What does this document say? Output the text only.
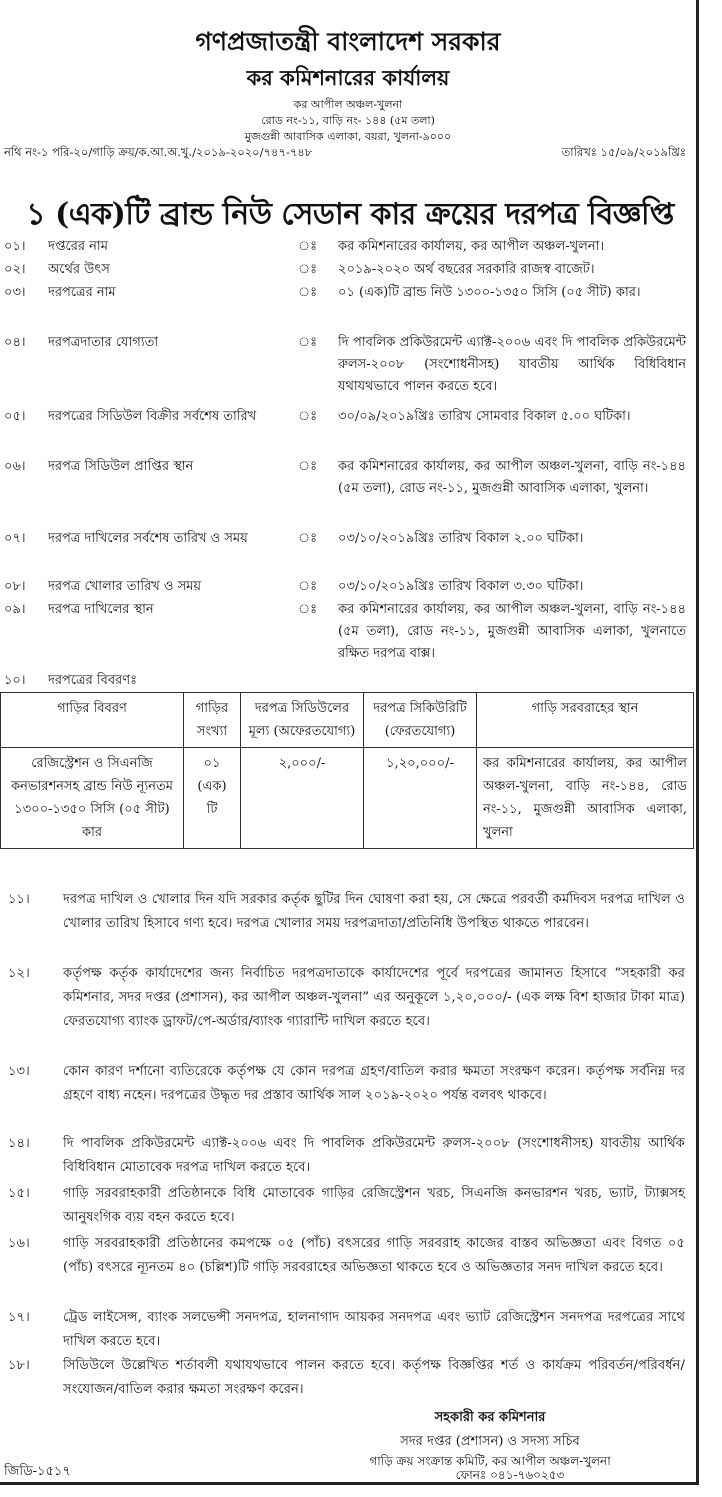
গণপ্রজাতন্ত্রী বাংলাদেশ সরকার
কর কমিশনারের কার্যালয়
কর আপীল অঞ্চল-খুলনা
রোড নং-১১, বাড়ি নং- ১৪৪ (৫ম তলা)
মুজগুন্নী আবাসিক এলাকা, বয়রা, খুলনা-৯০০০
নথি নং-১ পরি-২০/গাড়ি ক্রয়/ক.আ.অ.খু./২০১৯-২০২০/৭৪৭-৭৪৮	তারিখঃ ১৫/০৯/২০১৯খ্রিঃ
১ (এক)টি ব্রান্ড নিউ সেডান কার ক্রয়ের দরপত্র বিজ্ঞপ্তি
০১।	দপ্তরের নাম	ঃ কর কমিশনারের কার্যালয়, কর আপীল অঞ্চল-খুলনা।
০২।	অর্থের উৎস	ঃ ২০১৯-২০২০ অর্থ বছরের সরকারি রাজস্ব বাজেট।
০৩।	দরপত্রের নাম	ঃ ০১ (এক)টি ব্রান্ড নিউ ১৩০০-১৩৫০ সিসি (০৫ সীট) কার।
০৪।	দরপত্রদাতার যোগ্যতা	ঃ দি পাবলিক প্রকিউরমেন্ট এ্যাক্ট-২০০৬ এবং দি পাবলিক প্রকিউরমেন্ট রুলস-২০০৮ (সংশোধনীসহ) যাবতীয় আর্থিক বিধিবিধান যথাযথভাবে পালন করতে হবে।
০৫।	দরপত্রের সিডিউল বিক্রীর সর্বশেষ তারিখ	ঃ ৩০/০৯/২০১৯খ্রিঃ তারিখ সোমবার বিকাল ৫.০০ ঘটিকা।
০৬।	দরপত্র সিডিউল প্রাপ্তির স্থান	ঃ কর কমিশনারের কার্যালয়, কর আপীল অঞ্চল-খুলনা, বাড়ি নং-১৪৪ (৫ম তলা), রোড নং-১১, মুজগুন্নী আবাসিক এলাকা, খুলনা।
০৭।	দরপত্র দাখিলের সর্বশেষ তারিখ ও সময়	ঃ ০৩/১০/২০১৯খ্রিঃ তারিখ বিকাল ২.০০ ঘটিকা।
০৮।	দরপত্র খোলার তারিখ ও সময়	ঃ ০৩/১০/২০১৯খ্রিঃ তারিখ বিকাল ৩.৩০ ঘটিকা।
০৯।	দরপত্র দাখিলের স্থান	ঃ কর কমিশনারের কার্যালয়, কর আপীল অঞ্চল-খুলনা, বাড়ি নং-১৪৪ (৫ম তলা), রোড নং-১১, মুজগুন্নী আবাসিক এলাকা, খুলনাতে রক্ষিত দরপত্র বাক্স।
১০।	দরপত্রের বিবরণঃ
গাড়ির বিবরণ	গাড়ির সংখ্যা	দরপত্র সিডিউলের মূল্য (অফেরতযোগ্য)	দরপত্র সিকিউরিটি (ফেরতযোগ্য)	গাড়ি সরবরাহের স্থান
রেজিস্ট্রেশন ও সিএনজি কনভারশনসহ ব্রান্ড নিউ ন্যূনতম ১৩০০-১৩৫০ সিসি (০৫ সীট) কার	০১ (এক) টি	২,০০০/-	১,২০,০০০/-	কর কমিশনারের কার্যালয়, কর আপীল অঞ্চল-খুলনা, বাড়ি নং-১৪৪, রোড নং-১১, মুজগুন্নী আবাসিক এলাকা, খুলনা
১১।	দরপত্র দাখিল ও খোলার দিন যদি সরকার কর্তৃক ছুটির দিন ঘোষণা করা হয়, সে ক্ষেত্রে পরবর্তী কর্মদিবস দরপত্র দাখিল ও খোলার তারিখ হিসাবে গণ্য হবে। দরপত্র খোলার সময় দরপত্রদাতা/প্রতিনিধি উপস্থিত থাকতে পারবেন।
১২।	কর্তৃপক্ষ কর্তৃক কার্যাদেশের জন্য নির্বাচিত দরপত্রদাতাকে কার্যাদেশের পূর্বে দরপত্রের জামানত হিসাবে “সহকারী কর কমিশনার, সদর দপ্তর (প্রশাসন), কর আপীল অঞ্চল-খুলনা” এর অনুকূলে ১,২০,০০০/- (এক লক্ষ বিশ হাজার টাকা মাত্র) ফেরতযোগ্য ব্যাংক ড্রাফট/পে-অর্ডার/ব্যাংক গ্যারান্টি দাখিল করতে হবে।
১৩।	কোন কারণ দর্শানো ব্যতিরেকে কর্তৃপক্ষ যে কোন দরপত্র গ্রহণ/বাতিল করার ক্ষমতা সংরক্ষণ করেন। কর্তৃপক্ষ সর্বনিম্ন দর গ্রহণে বাধ্য নহেন। দরপত্রের উদ্ধৃত দর প্রস্তাব আর্থিক সাল ২০১৯-২০২০ পর্যন্ত বলবৎ থাকবে।
১৪।	দি পাবলিক প্রকিউরমেন্ট এ্যাক্ট-২০০৬ এবং দি পাবলিক প্রকিউরমেন্ট রুলস-২০০৮ (সংশোধনীসহ) যাবতীয় আর্থিক বিধিবিধান মোতাবেক দরপত্র দাখিল করতে হবে।
১৫।	গাড়ি সরবরাহকারী প্রতিষ্ঠানকে বিধি মোতাবেক গাড়ির রেজিস্ট্রেশন খরচ, সিএনজি কনভারশন খরচ, ভ্যাট, ট্যাক্সসহ আনুষংগিক ব্যয় বহন করতে হবে।
১৬।	গাড়ি সরবরাহকারী প্রতিষ্ঠানের কমপক্ষে ০৫ (পাঁচ) বৎসরের গাড়ি সরবরাহ কাজের বাস্তব অভিজ্ঞতা এবং বিগত ০৫ (পাঁচ) বৎসরে ন্যূনতম ৪০ (চল্লিশ)টি গাড়ি সরবরাহের অভিজ্ঞতা থাকতে হবে ও অভিজ্ঞতার সনদ দাখিল করতে হবে।
১৭।	ট্রেড লাইসেন্স, ব্যাংক সলভেন্সী সনদপত্র, হালনাগাদ আয়কর সনদপত্র এবং ভ্যাট রেজিস্ট্রেশন সনদপত্র দরপত্রের সাথে দাখিল করতে হবে।
১৮।	সিডিউলে উল্লেখিত শর্তাবলী যথাযথভাবে পালন করতে হবে। কর্তৃপক্ষ বিজ্ঞপ্তির শর্ত ও কার্যক্রম পরিবর্তন/পরিবর্ধন/সংযোজন/বাতিল করার ক্ষমতা সংরক্ষণ করেন।
সহকারী কর কমিশনার
সদর দপ্তর (প্রশাসন) ও সদস্য সচিব
গাড়ি ক্রয় সংক্রান্ত কমিটি, কর আপীল অঞ্চল-খুলনা
ফোনঃ ০৪১-৭৬০২৫৩
জিডি-১৫১৭
